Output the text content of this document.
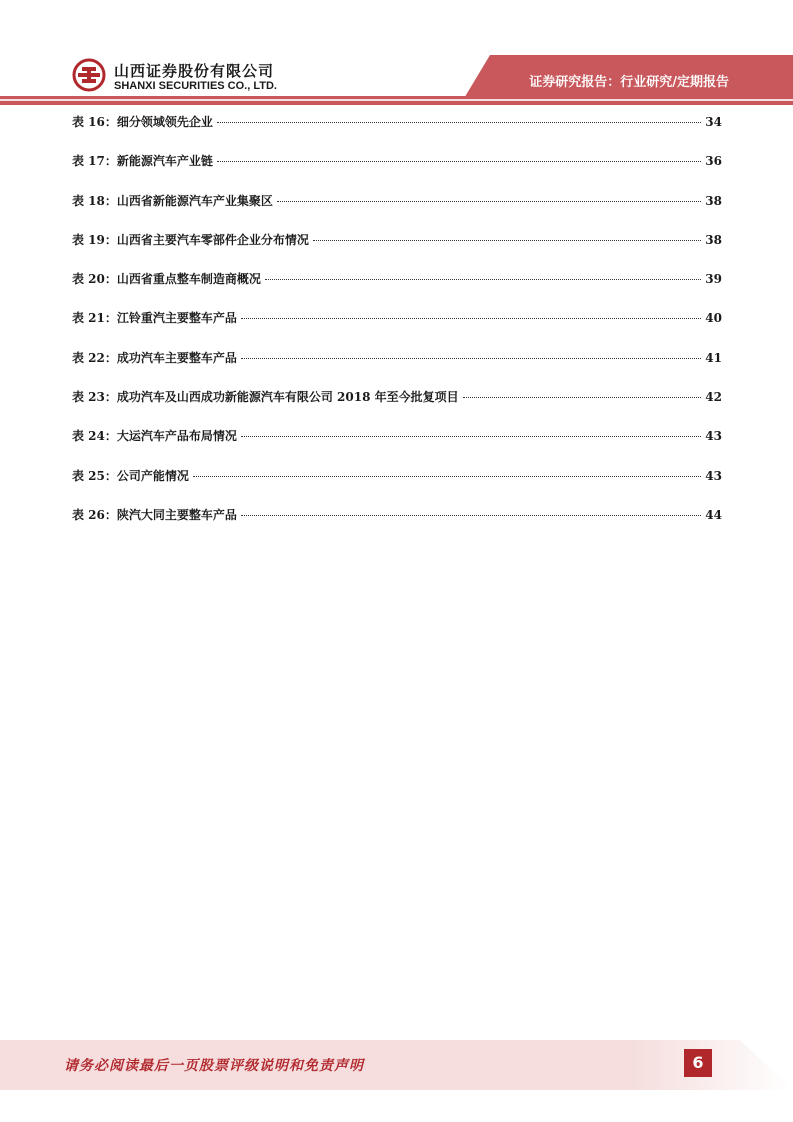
山西证券股份有限公司
SHANXI SECURITIES CO., LTD.	证券研究报告：行业研究/定期报告
表 16：细分领域领先企业	34
表 17：新能源汽车产业链	36
表 18：山西省新能源汽车产业集聚区	38
表 19：山西省主要汽车零部件企业分布情况	38
表 20：山西省重点整车制造商概况	39
表 21：江铃重汽主要整车产品	40
表 22：成功汽车主要整车产品	41
表 23：成功汽车及山西成功新能源汽车有限公司 2018 年至今批复项目	42
表 24：大运汽车产品布局情况	43
表 25：公司产能情况	43
表 26：陕汽大同主要整车产品	44
请务必阅读最后一页股票评级说明和免责声明	6
